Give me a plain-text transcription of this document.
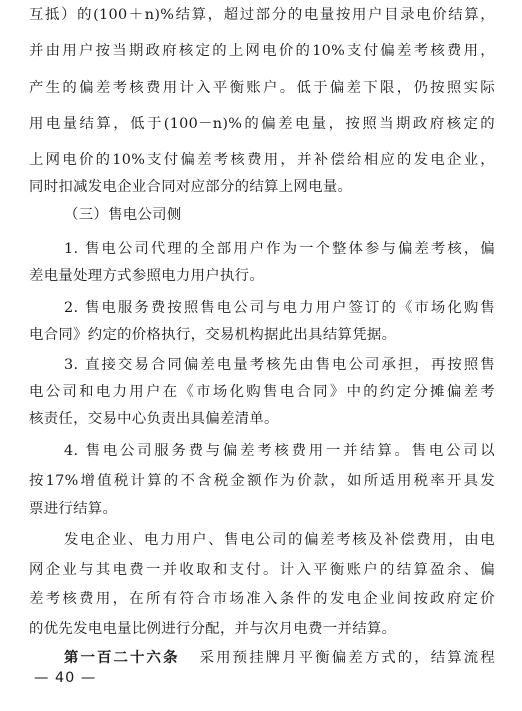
互抵）的(100＋n)%结算，超过部分的电量按用户目录电价结算，
并由用户按当期政府核定的上网电价的10%支付偏差考核费用，
产生的偏差考核费用计入平衡账户。低于偏差下限，仍按照实际
用电量结算，低于(100－n)%的偏差电量，按照当期政府核定的
上网电价的10%支付偏差考核费用，并补偿给相应的发电企业，
同时扣减发电企业合同对应部分的结算上网电量。
（三）售电公司侧
1. 售电公司代理的全部用户作为一个整体参与偏差考核，偏
差电量处理方式参照电力用户执行。
2. 售电服务费按照售电公司与电力用户签订的《市场化购售
电合同》约定的价格执行，交易机构据此出具结算凭据。
3. 直接交易合同偏差电量考核先由售电公司承担，再按照售
电公司和电力用户在《市场化购售电合同》中的约定分摊偏差考
核责任，交易中心负责出具偏差清单。
4. 售电公司服务费与偏差考核费用一并结算。售电公司以
按17%增值税计算的不含税金额作为价款，如所适用税率开具发
票进行结算。
发电企业、电力用户、售电公司的偏差考核及补偿费用，由电
网企业与其电费一并收取和支付。计入平衡账户的结算盈余、偏
差考核费用，在所有符合市场准入条件的发电企业间按政府定价
的优先发电电量比例进行分配，并与次月电费一并结算。
第一百二十六条 采用预挂牌月平衡偏差方式的，结算流程
— 40 —
